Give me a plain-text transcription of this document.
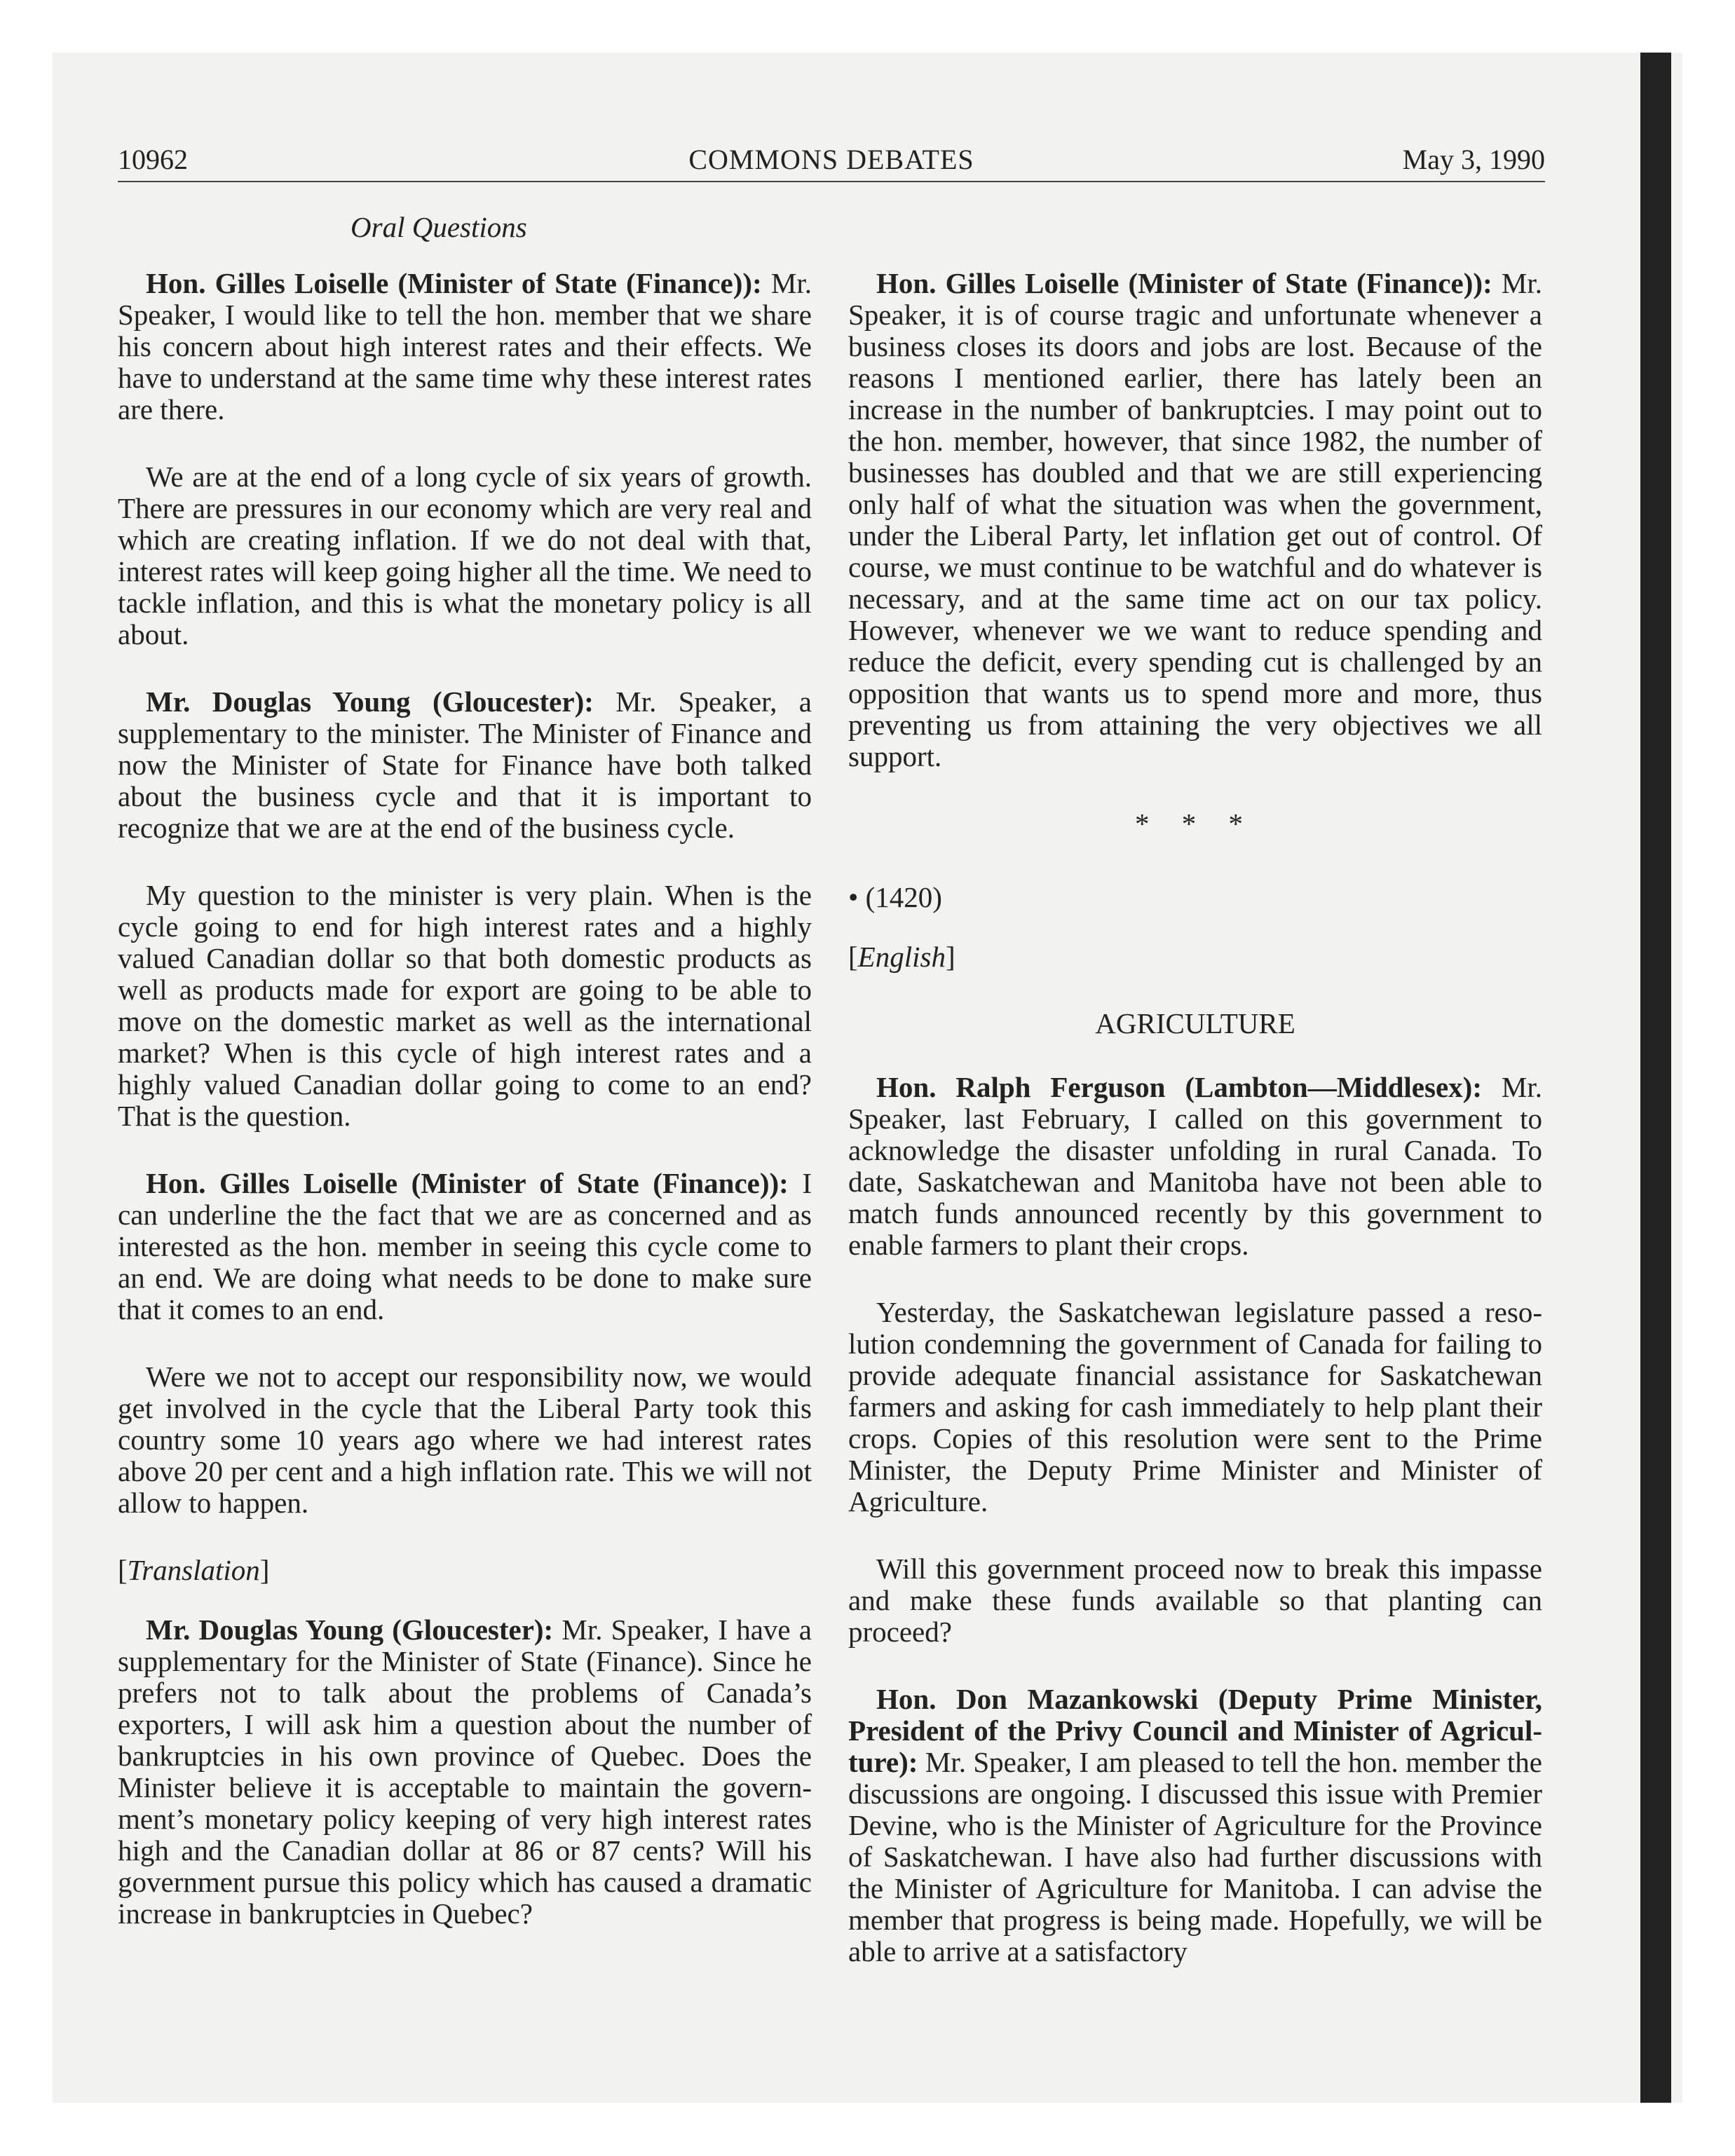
10962	COMMONS DEBATES	May 3, 1990
Oral Questions

Hon. Gilles Loiselle (Minister of State (Finance)): Mr. Speaker, I would like to tell the hon. member that we share his concern about high interest rates and their effects. We have to understand at the same time why these interest rates are there.

We are at the end of a long cycle of six years of growth. There are pressures in our economy which are very real and which are creating inflation. If we do not deal with that, interest rates will keep going higher all the time. We need to tackle inflation, and this is what the monetary policy is all about.

Mr. Douglas Young (Gloucester): Mr. Speaker, a supplementary to the minister. The Minister of Finance and now the Minister of State for Finance have both talked about the business cycle and that it is important to recognize that we are at the end of the business cycle.

My question to the minister is very plain. When is the cycle going to end for high interest rates and a highly valued Canadian dollar so that both domestic products as well as products made for export are going to be able to move on the domestic market as well as the international market? When is this cycle of high interest rates and a highly valued Canadian dollar going to come to an end? That is the question.

Hon. Gilles Loiselle (Minister of State (Finance)): I can underline the the fact that we are as concerned and as interested as the hon. member in seeing this cycle come to an end. We are doing what needs to be done to make sure that it comes to an end.

Were we not to accept our responsibility now, we would get involved in the cycle that the Liberal Party took this country some 10 years ago where we had interest rates above 20 per cent and a high inflation rate. This we will not allow to happen.

[Translation]

Mr. Douglas Young (Gloucester): Mr. Speaker, I have a supplementary for the Minister of State (Finance). Since he prefers not to talk about the problems of Canada’s exporters, I will ask him a question about the number of bankruptcies in his own province of Quebec. Does the Minister believe it is acceptable to maintain the government’s monetary policy keeping of very high interest rates high and the Canadian dollar at 86 or 87 cents? Will his government pursue this policy which has caused a dramatic increase in bankruptcies in Quebec?

Hon. Gilles Loiselle (Minister of State (Finance)): Mr. Speaker, it is of course tragic and unfortunate whenever a business closes its doors and jobs are lost. Because of the reasons I mentioned earlier, there has lately been an increase in the number of bankruptcies. I may point out to the hon. member, however, that since 1982, the number of businesses has doubled and that we are still experiencing only half of what the situation was when the government, under the Liberal Party, let inflation get out of control. Of course, we must continue to be watchful and do whatever is necessary, and at the same time act on our tax policy. However, whenever we we want to reduce spending and reduce the deficit, every spending cut is challenged by an opposition that wants us to spend more and more, thus preventing us from attaining the very objectives we all support.

* * *

• (1420)

[English]

AGRICULTURE

Hon. Ralph Ferguson (Lambton—Middlesex): Mr. Speaker, last February, I called on this government to acknowledge the disaster unfolding in rural Canada. To date, Saskatchewan and Manitoba have not been able to match funds announced recently by this government to enable farmers to plant their crops.

Yesterday, the Saskatchewan legislature passed a resolution condemning the government of Canada for failing to provide adequate financial assistance for Saskatchewan farmers and asking for cash immediately to help plant their crops. Copies of this resolution were sent to the Prime Minister, the Deputy Prime Minister and Minister of Agriculture.

Will this government proceed now to break this impasse and make these funds available so that planting can proceed?

Hon. Don Mazankowski (Deputy Prime Minister, President of the Privy Council and Minister of Agriculture): Mr. Speaker, I am pleased to tell the hon. member the discussions are ongoing. I discussed this issue with Premier Devine, who is the Minister of Agriculture for the Province of Saskatchewan. I have also had further discussions with the Minister of Agriculture for Manitoba. I can advise the member that progress is being made. Hopefully, we will be able to arrive at a satisfactory
